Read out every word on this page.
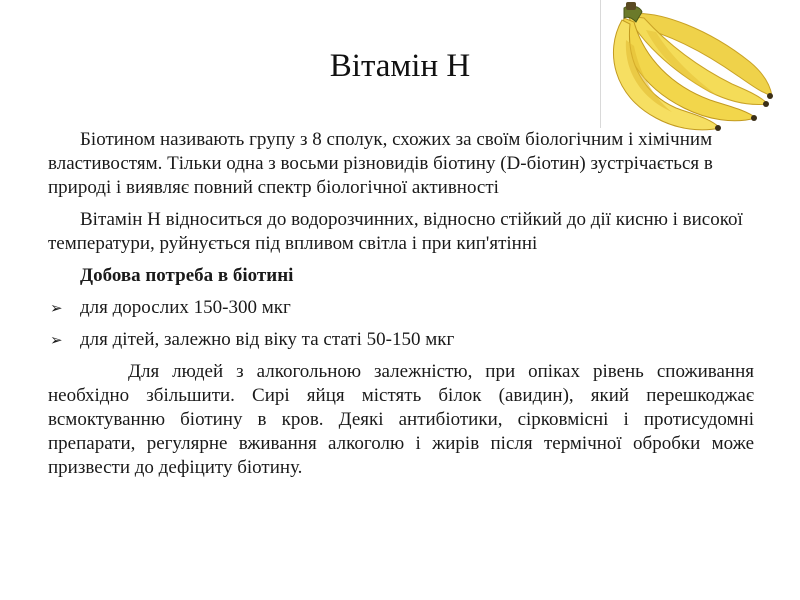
Вітамін Н

Біотином називають групу з 8 сполук, схожих за своїм біологічним і хімічним властивостям. Тільки одна з восьми різновидів біотину (D-біотин) зустрічається в природі і виявляє повний спектр біологічної активності

Вітамін Н відноситься до водорозчинних, відносно стійкий до дії кисню і високої температури, руйнується під впливом світла і при кип'ятінні

Добова потреба в біотині

➢ для дорослих 150-300 мкг
➢ для дітей, залежно від віку та статі 50-150 мкг

Для людей з алкогольною залежністю, при опіках рівень споживання необхідно збільшити. Сирі яйця містять білок (авидин), який перешкоджає всмоктуванню біотину в кров. Деякі антибіотики, сірковмісні і протисудомні препарати, регулярне вживання алкоголю і жирів після термічної обробки може призвести до дефіциту біотину.
